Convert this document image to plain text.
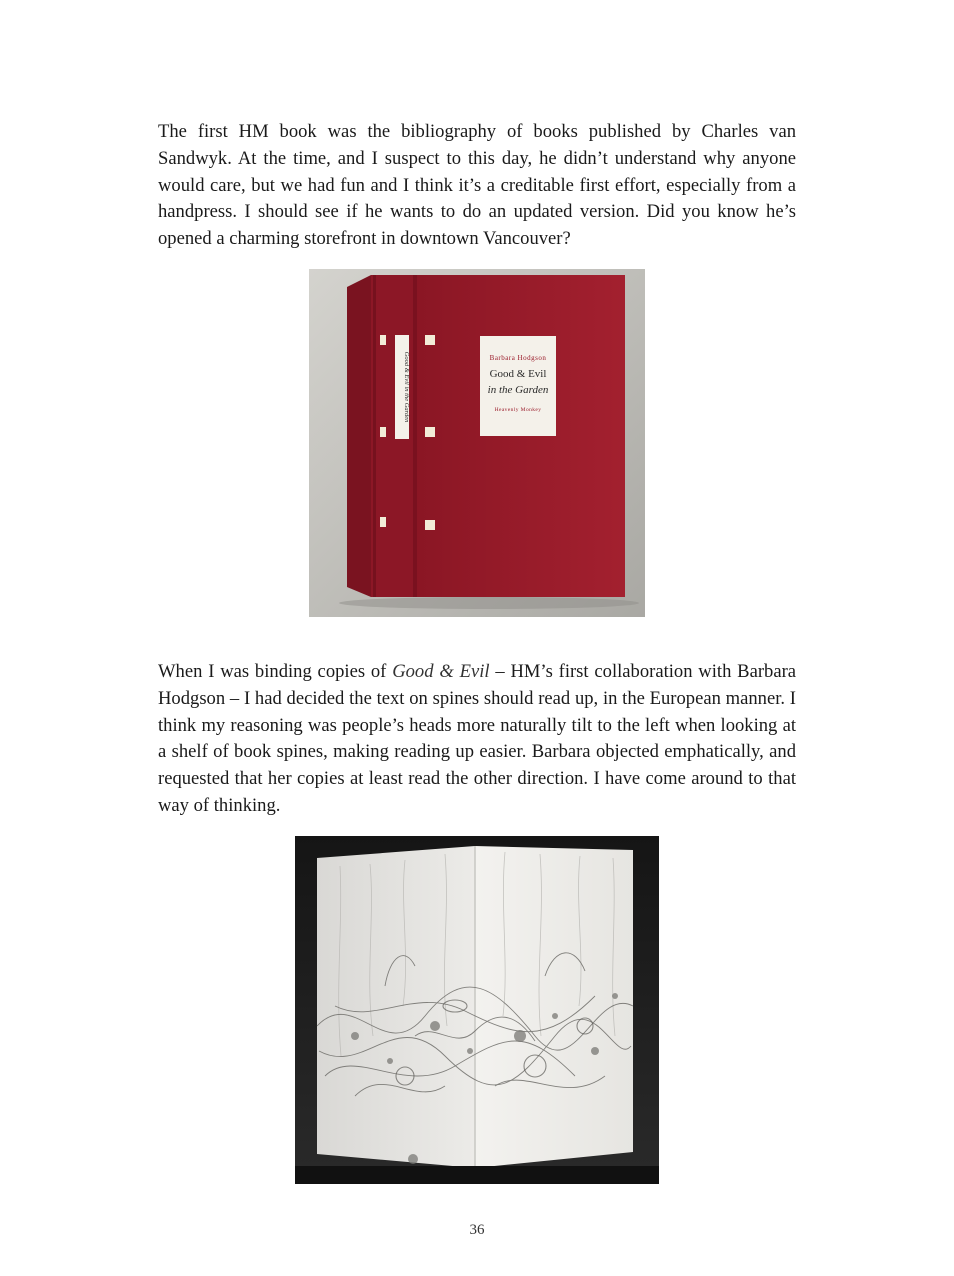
The first HM book was the bibliography of books published by Charles van Sandwyk. At the time, and I suspect to this day, he didn’t understand why anyone would care, but we had fun and I think it’s a creditable first effort, especially from a handpress. I should see if he wants to do an updated version. Did you know he’s opened a charming storefront in downtown Vancouver?

Good & Evil in the Garden	Barbara Hodgson
Good & Evil
in the Garden
Heavenly Monkey

When I was binding copies of Good & Evil – HM’s first collaboration with Barbara Hodgson – I had decided the text on spines should read up, in the European manner. I think my reasoning was people’s heads more naturally tilt to the left when looking at a shelf of book spines, making reading up easier. Barbara objected emphatically, and requested that her copies at least read the other direction. I have come around to that way of thinking.

36
